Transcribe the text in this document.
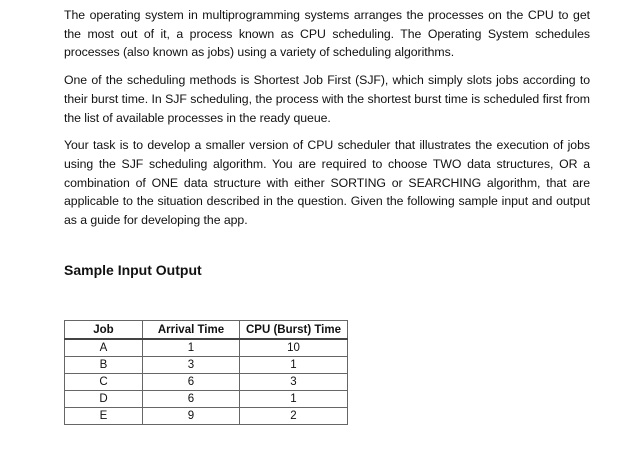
The operating system in multiprogramming systems arranges the processes on the CPU to get the most out of it, a process known as CPU scheduling. The Operating System schedules processes (also known as jobs) using a variety of scheduling algorithms.

One of the scheduling methods is Shortest Job First (SJF), which simply slots jobs according to their burst time. In SJF scheduling, the process with the shortest burst time is scheduled first from the list of available processes in the ready queue.

Your task is to develop a smaller version of CPU scheduler that illustrates the execution of jobs using the SJF scheduling algorithm. You are required to choose TWO data structures, OR a combination of ONE data structure with either SORTING or SEARCHING algorithm, that are applicable to the situation described in the question. Given the following sample input and output as a guide for developing the app.

Sample Input Output
Job	Arrival Time	CPU (Burst) Time
A	1	10
B	3	1
C	6	3
D	6	1
E	9	2
